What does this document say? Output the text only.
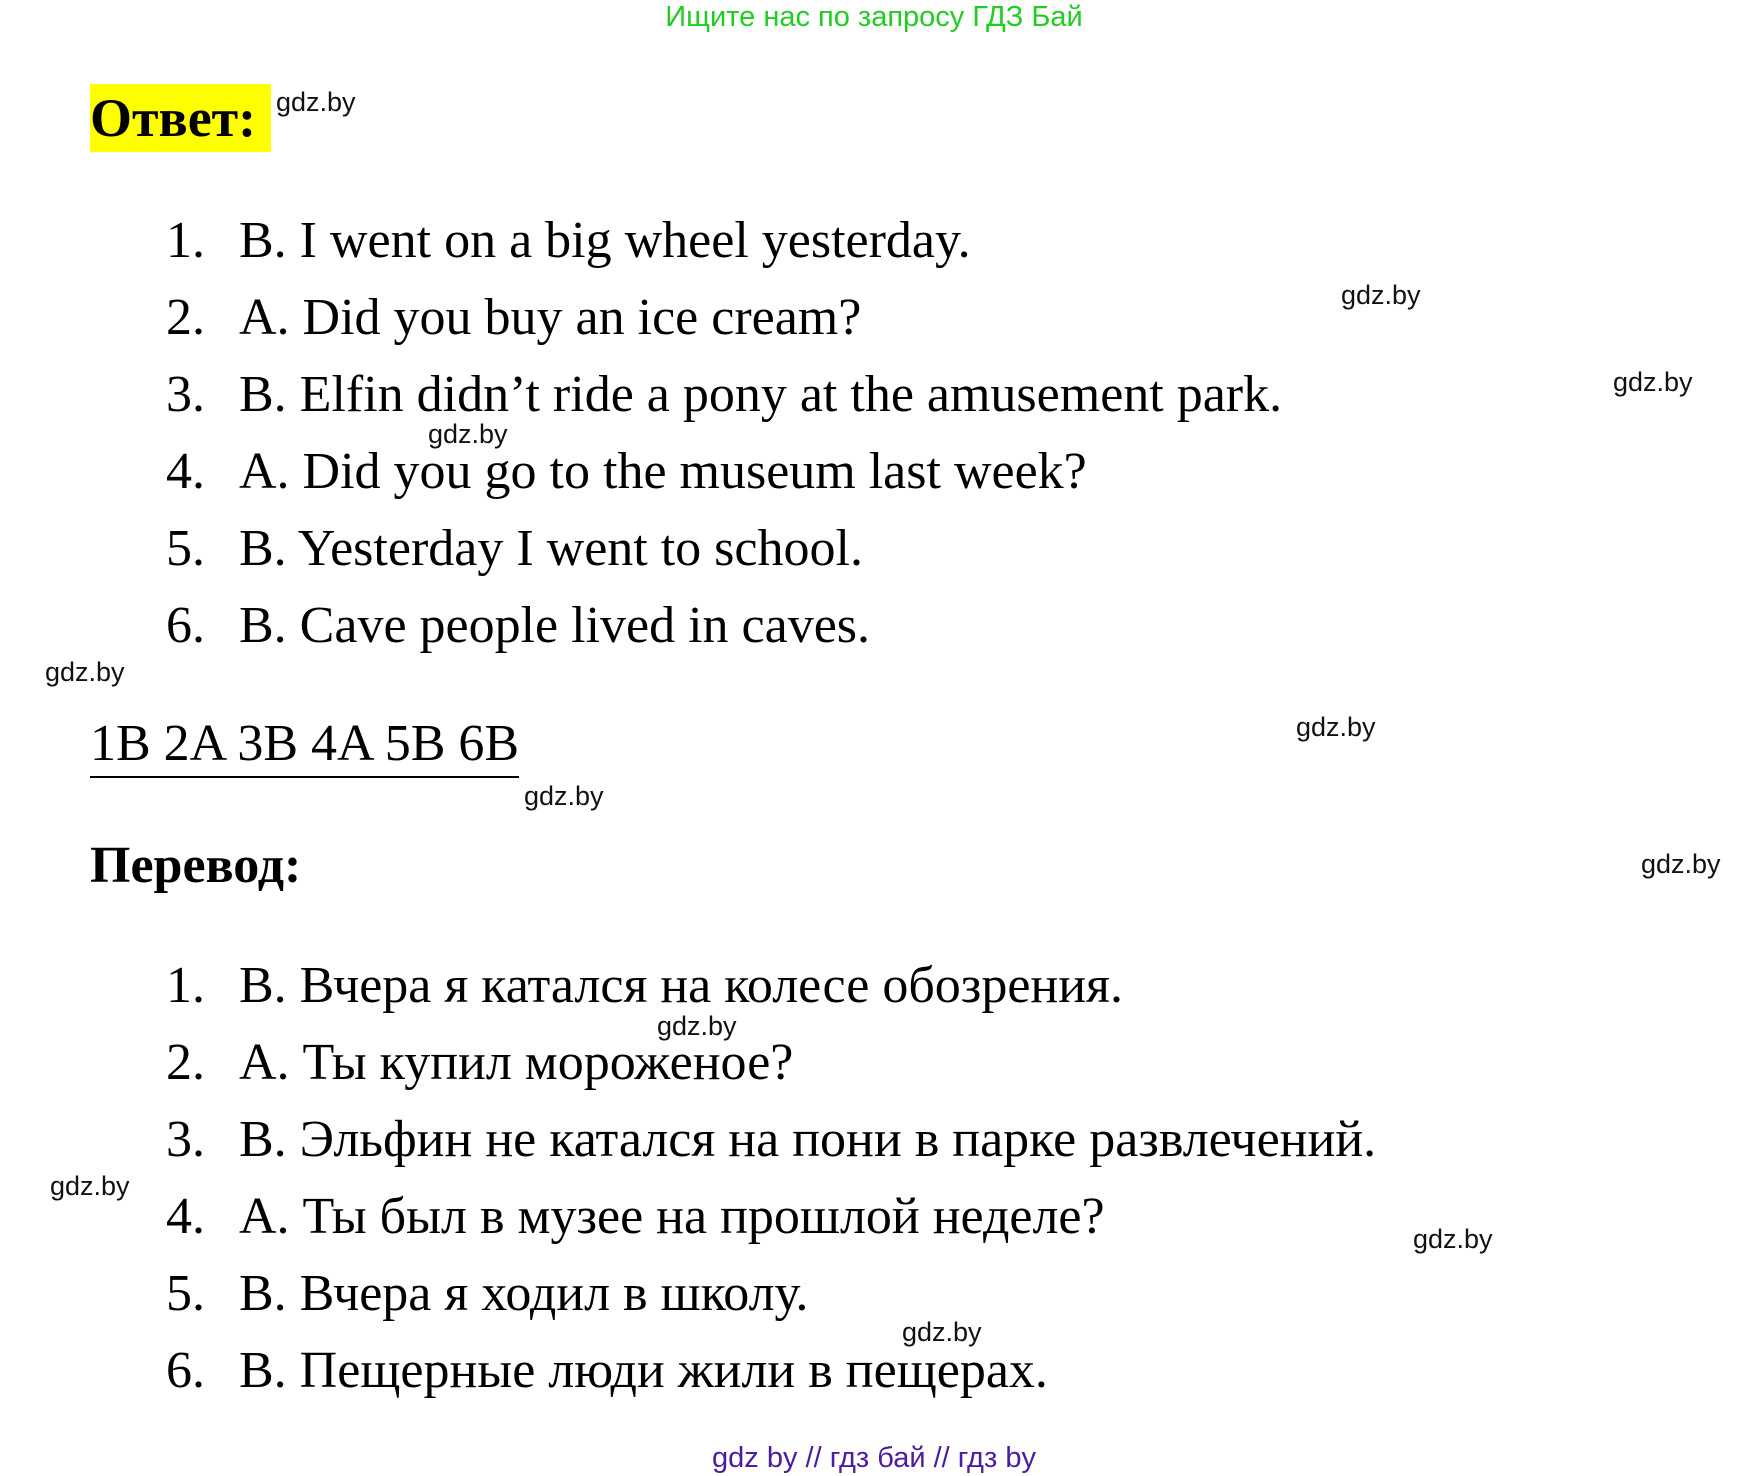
Ищите нас по запросу ГДЗ Бай
Ответ:
1. B. I went on a big wheel yesterday.
2. A. Did you buy an ice cream?
3. B. Elfin didn’t ride a pony at the amusement park.
4. A. Did you go to the museum last week?
5. B. Yesterday I went to school.
6. B. Cave people lived in caves.
1B 2A 3B 4A 5B 6B
Перевод:
1. B. Вчера я катался на колесе обозрения.
2. A. Ты купил мороженое?
3. B. Эльфин не катался на пони в парке развлечений.
4. A. Ты был в музее на прошлой неделе?
5. B. Вчера я ходил в школу.
6. B. Пещерные люди жили в пещерах.
gdz.by
gdz.by
gdz.by
gdz.by
gdz.by
gdz.by
gdz.by
gdz.by
gdz.by
gdz.by
gdz.by
gdz.by
gdz by // гдз бай // гдз by
